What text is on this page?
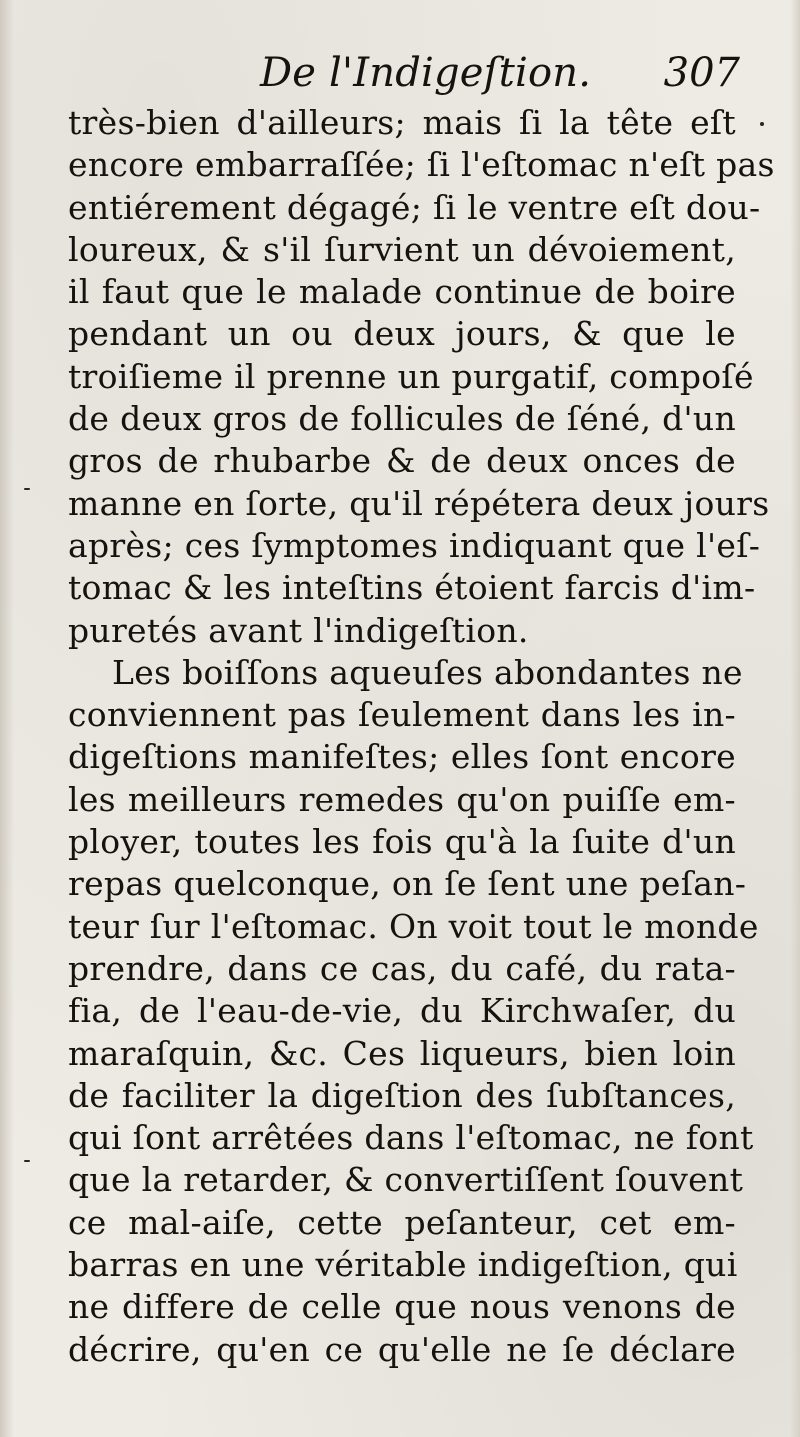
De l'Indigeſtion. 307
très-bien d'ailleurs; mais ſi la tête eſt
encore embarraſſée; ſi l'eſtomac n'eſt pas
entiérement dégagé; ſi le ventre eſt dou-
loureux, & s'il ſurvient un dévoiement,
il faut que le malade continue de boire
pendant un ou deux jours, & que le
troiſieme il prenne un purgatif, compoſé
de deux gros de follicules de ſéné, d'un
gros de rhubarbe & de deux onces de
manne en ſorte, qu'il répétera deux jours
après; ces ſymptomes indiquant que l'eſ-
tomac & les inteſtins étoient farcis d'im-
puretés avant l'indigeſtion.
Les boiſſons aqueuſes abondantes ne
conviennent pas ſeulement dans les in-
digeſtions manifeſtes; elles ſont encore
les meilleurs remedes qu'on puiſſe em-
ployer, toutes les fois qu'à la ſuite d'un
repas quelconque, on ſe ſent une peſan-
teur ſur l'eſtomac. On voit tout le monde
prendre, dans ce cas, du café, du rata-
fia, de l'eau-de-vie, du Kirchwaſer, du
maraſquin, &c. Ces liqueurs, bien loin
de faciliter la digeſtion des ſubſtances,
qui ſont arrêtées dans l'eſtomac, ne font
que la retarder, & convertiſſent ſouvent
ce mal-aiſe, cette peſanteur, cet em-
barras en une véritable indigeſtion, qui
ne differe de celle que nous venons de
décrire, qu'en ce qu'elle ne ſe déclare
